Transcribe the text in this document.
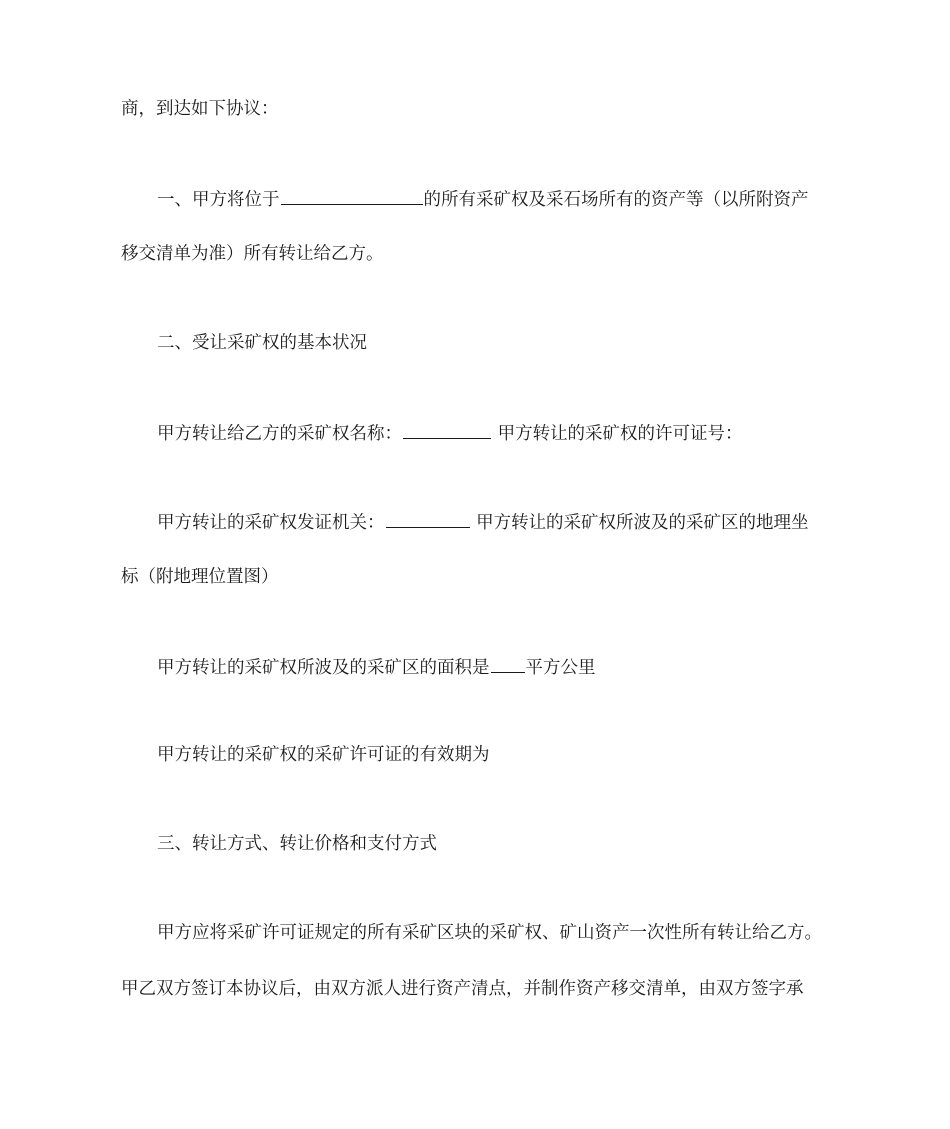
商，到达如下协议：
一、甲方将位于	的所有采矿权及采石场所有的资产等（以所附资产
移交清单为准）所有转让给乙方。
二、受让采矿权的基本状况
甲方转让给乙方的采矿权名称：	甲方转让的采矿权的许可证号：
甲方转让的采矿权发证机关：	甲方转让的采矿权所波及的采矿区的地理坐
标（附地理位置图）
甲方转让的采矿权所波及的采矿区的面积是 平方公里
甲方转让的采矿权的采矿许可证的有效期为
三、转让方式、转让价格和支付方式
甲方应将采矿许可证规定的所有采矿区块的采矿权、矿山资产一次性所有转让给乙方。
甲乙双方签订本协议后，由双方派人进行资产清点，并制作资产移交清单，由双方签字承
